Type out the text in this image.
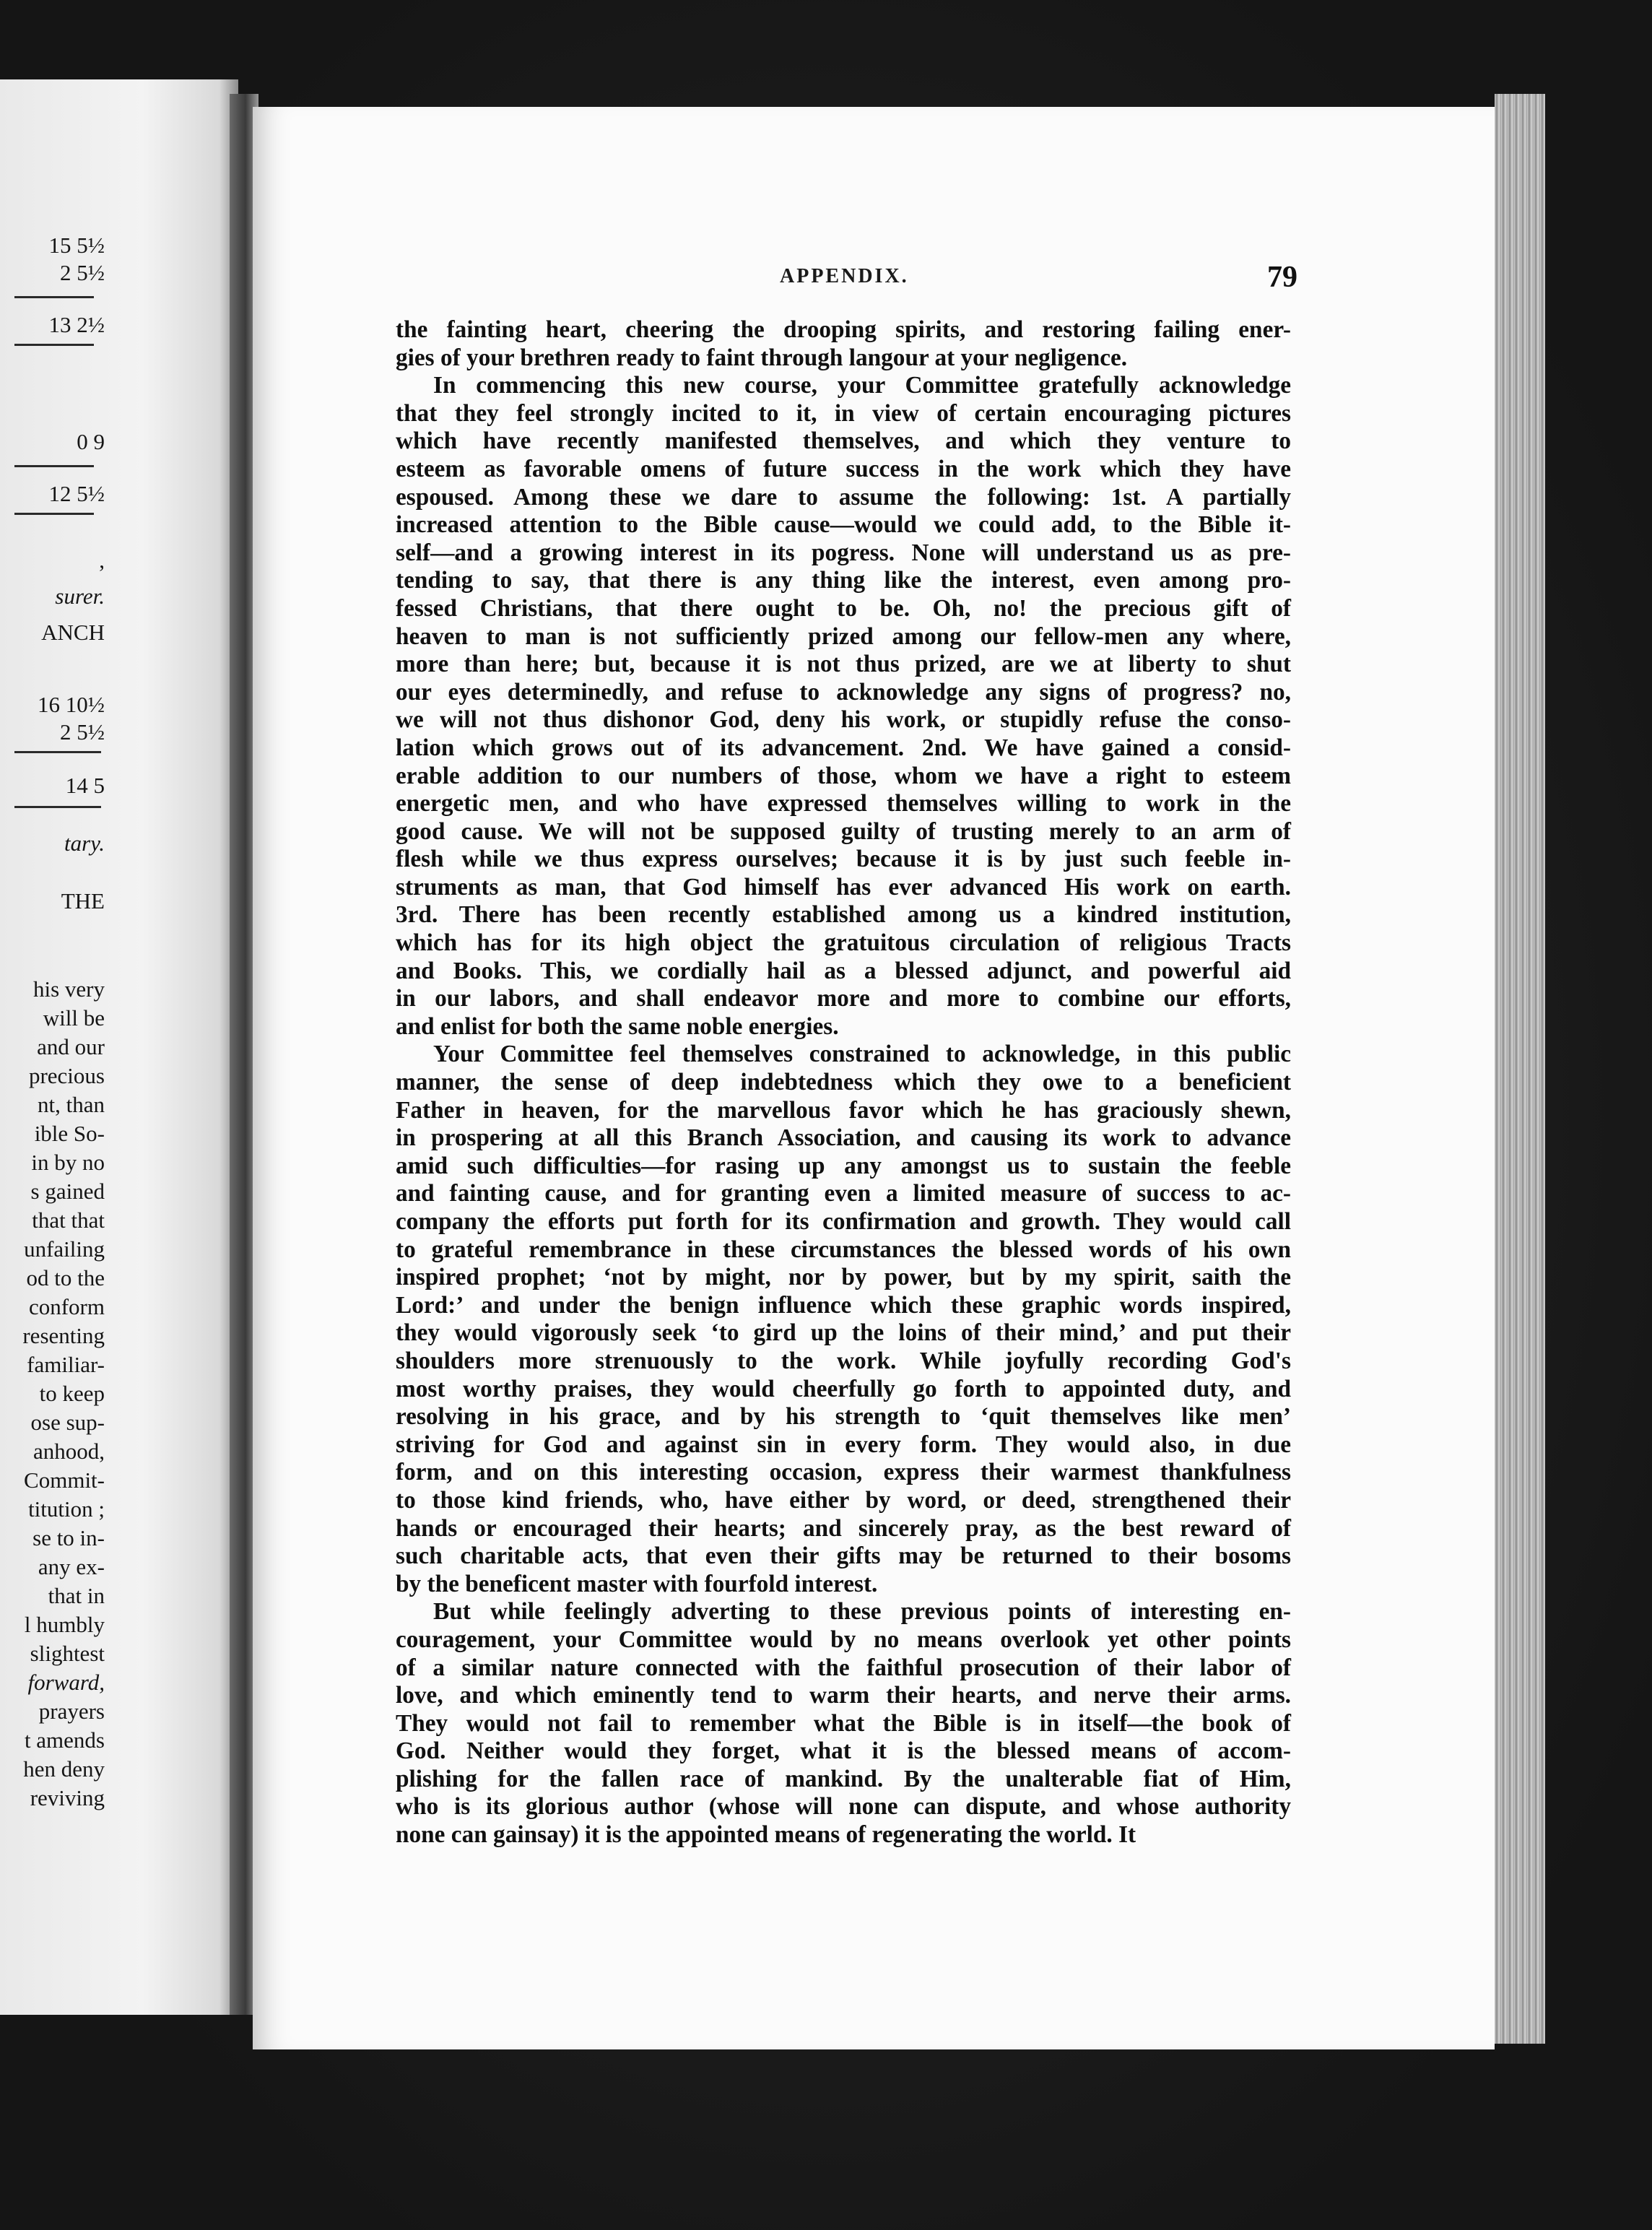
15 5½
2 5½
13 2½
0 9
12 5½
,
surer.
ANCH
16 10½
2 5½
14 5
tary.
THE
his very
will be
and our
precious
nt, than
ible So-
in by no
s gained
that that
unfailing
od to the
conform
resenting
familiar-
to keep
ose sup-
anhood,
Commit-
titution ;
se to in-
any ex-
that in
l humbly
slightest
forward,
prayers
t amends
hen deny
reviving
APPENDIX.	79
the fainting heart, cheering the drooping spirits, and restoring failing ener-
gies of your brethren ready to faint through langour at your negligence.
In commencing this new course, your Committee gratefully acknowledge
that they feel strongly incited to it, in view of certain encouraging pictures
which have recently manifested themselves, and which they venture to
esteem as favorable omens of future success in the work which they have
espoused. Among these we dare to assume the following: 1st. A partially
increased attention to the Bible cause—would we could add, to the Bible it-
self—and a growing interest in its pogress. None will understand us as pre-
tending to say, that there is any thing like the interest, even among pro-
fessed Christians, that there ought to be. Oh, no! the precious gift of
heaven to man is not sufficiently prized among our fellow-men any where,
more than here; but, because it is not thus prized, are we at liberty to shut
our eyes determinedly, and refuse to acknowledge any signs of progress? no,
we will not thus dishonor God, deny his work, or stupidly refuse the conso-
lation which grows out of its advancement. 2nd. We have gained a consid-
erable addition to our numbers of those, whom we have a right to esteem
energetic men, and who have expressed themselves willing to work in the
good cause. We will not be supposed guilty of trusting merely to an arm of
flesh while we thus express ourselves; because it is by just such feeble in-
struments as man, that God himself has ever advanced His work on earth.
3rd. There has been recently established among us a kindred institution,
which has for its high object the gratuitous circulation of religious Tracts
and Books. This, we cordially hail as a blessed adjunct, and powerful aid
in our labors, and shall endeavor more and more to combine our efforts,
and enlist for both the same noble energies.
Your Committee feel themselves constrained to acknowledge, in this public
manner, the sense of deep indebtedness which they owe to a beneficient
Father in heaven, for the marvellous favor which he has graciously shewn,
in prospering at all this Branch Association, and causing its work to advance
amid such difficulties—for rasing up any amongst us to sustain the feeble
and fainting cause, and for granting even a limited measure of success to ac-
company the efforts put forth for its confirmation and growth. They would call
to grateful remembrance in these circumstances the blessed words of his own
inspired prophet; ‘not by might, nor by power, but by my spirit, saith the
Lord:’ and under the benign influence which these graphic words inspired,
they would vigorously seek ‘to gird up the loins of their mind,’ and put their
shoulders more strenuously to the work. While joyfully recording God's
most worthy praises, they would cheerfully go forth to appointed duty, and
resolving in his grace, and by his strength to ‘quit themselves like men’
striving for God and against sin in every form. They would also, in due
form, and on this interesting occasion, express their warmest thankfulness
to those kind friends, who, have either by word, or deed, strengthened their
hands or encouraged their hearts; and sincerely pray, as the best reward of
such charitable acts, that even their gifts may be returned to their bosoms
by the beneficent master with fourfold interest.
But while feelingly adverting to these previous points of interesting en-
couragement, your Committee would by no means overlook yet other points
of a similar nature connected with the faithful prosecution of their labor of
love, and which eminently tend to warm their hearts, and nerve their arms.
They would not fail to remember what the Bible is in itself—the book of
God. Neither would they forget, what it is the blessed means of accom-
plishing for the fallen race of mankind. By the unalterable fiat of Him,
who is its glorious author (whose will none can dispute, and whose authority
none can gainsay) it is the appointed means of regenerating the world. It
